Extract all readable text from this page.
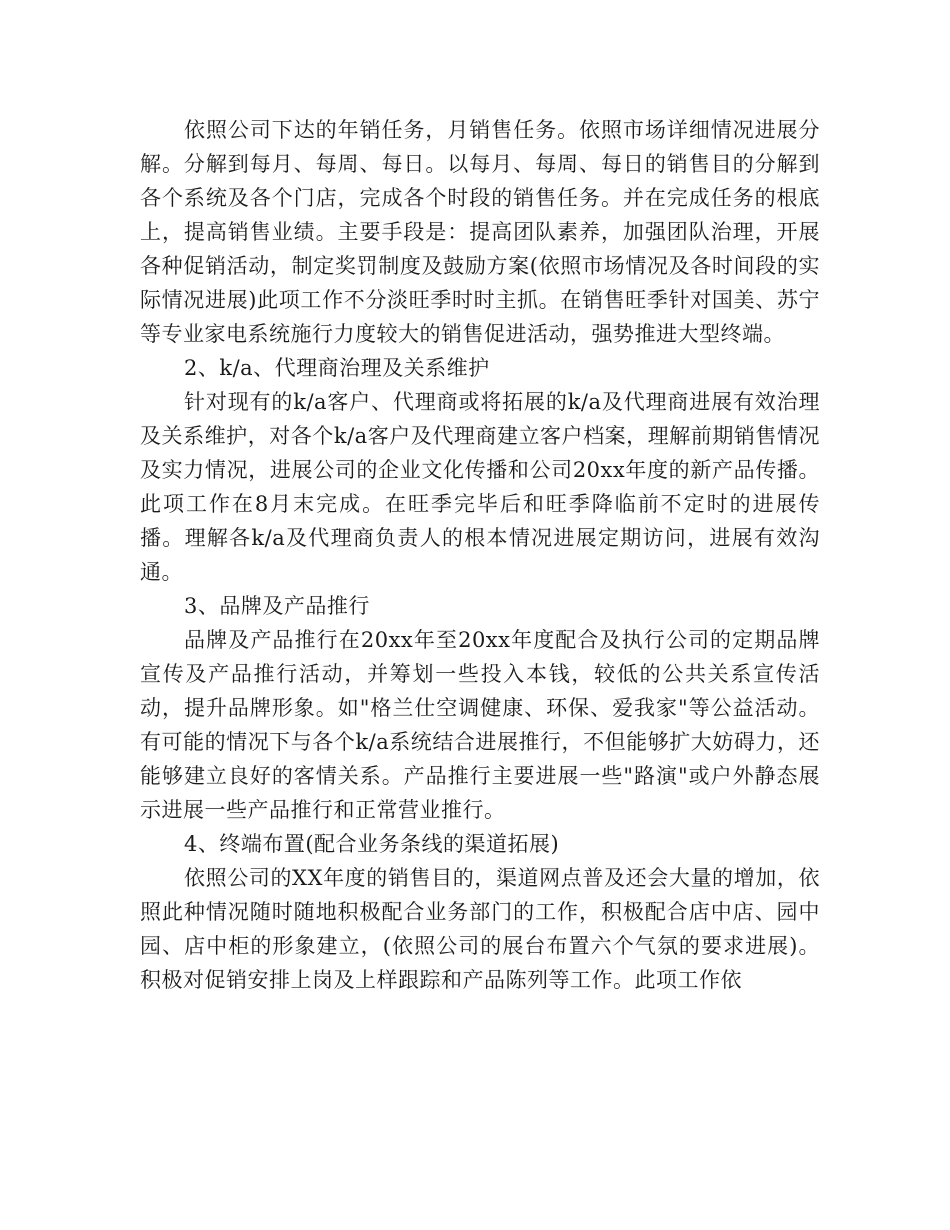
依照公司下达的年销任务，月销售任务。依照市场详细情况进展分解。分解到每月、每周、每日。以每月、每周、每日的销售目的分解到各个系统及各个门店，完成各个时段的销售任务。并在完成任务的根底上，提高销售业绩。主要手段是：提高团队素养，加强团队治理，开展各种促销活动，制定奖罚制度及鼓励方案(依照市场情况及各时间段的实际情况进展)此项工作不分淡旺季时时主抓。在销售旺季针对国美、苏宁等专业家电系统施行力度较大的销售促进活动，强势推进大型终端。

2、k/a、代理商治理及关系维护

针对现有的k/a客户、代理商或将拓展的k/a及代理商进展有效治理及关系维护，对各个k/a客户及代理商建立客户档案，理解前期销售情况及实力情况，进展公司的企业文化传播和公司20xx年度的新产品传播。此项工作在8月末完成。在旺季完毕后和旺季降临前不定时的进展传播。理解各k/a及代理商负责人的根本情况进展定期访问，进展有效沟通。

3、品牌及产品推行

品牌及产品推行在20xx年至20xx年度配合及执行公司的定期品牌宣传及产品推行活动，并筹划一些投入本钱，较低的公共关系宣传活动，提升品牌形象。如"格兰仕空调健康、环保、爱我家"等公益活动。有可能的情况下与各个k/a系统结合进展推行，不但能够扩大妨碍力，还能够建立良好的客情关系。产品推行主要进展一些"路演"或户外静态展示进展一些产品推行和正常营业推行。

4、终端布置(配合业务条线的渠道拓展)

依照公司的XX年度的销售目的，渠道网点普及还会大量的增加，依照此种情况随时随地积极配合业务部门的工作，积极配合店中店、园中园、店中柜的形象建立，(依照公司的展台布置六个气氛的要求进展)。积极对促销安排上岗及上样跟踪和产品陈列等工作。此项工作依
